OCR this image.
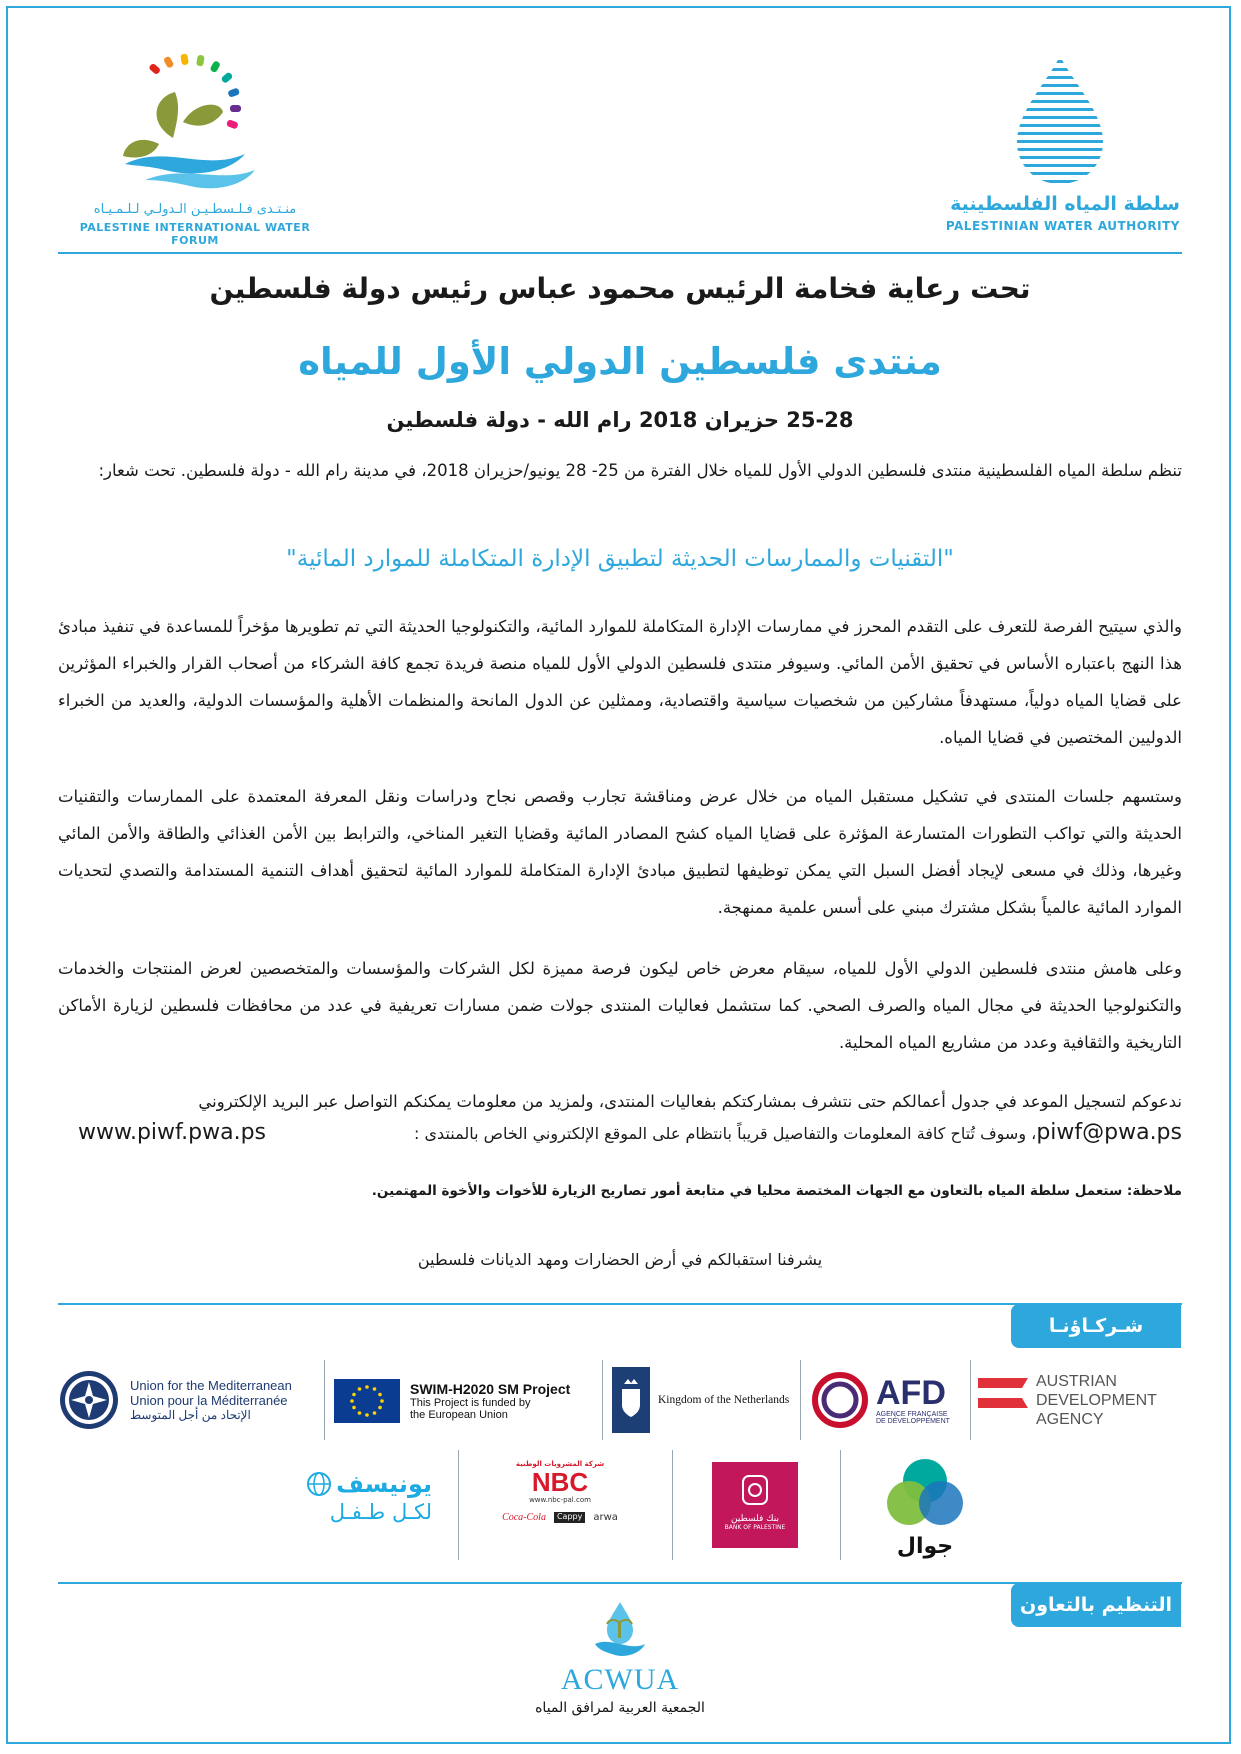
منـتـدى فـلـسطـيـن الـدولـي لـلـمـيـاه
PALESTINE INTERNATIONAL WATER FORUM
سلطة المياه الفلسطينية
PALESTINIAN WATER AUTHORITY
تحت رعاية فخامة الرئيس محمود عباس رئيس دولة فلسطين
منتدى فلسطين الدولي الأول للمياه
25-28 حزيران 2018 رام الله - دولة فلسطين
تنظم سلطة المياه الفلسطينية منتدى فلسطين الدولي الأول للمياه خلال الفترة من 25- 28 يونيو/حزيران 2018، في مدينة رام الله - دولة فلسطين. تحت شعار:
"التقنيات والممارسات الحديثة لتطبيق الإدارة المتكاملة للموارد المائية"
والذي سيتيح الفرصة للتعرف على التقدم المحرز في ممارسات الإدارة المتكاملة للموارد المائية، والتكنولوجيا الحديثة التي تم تطويرها مؤخراً للمساعدة في تنفيذ مبادئ هذا النهج باعتباره الأساس في تحقيق الأمن المائي. وسيوفر منتدى فلسطين الدولي الأول للمياه منصة فريدة تجمع كافة الشركاء من أصحاب القرار والخبراء المؤثرين على قضايا المياه دولياً، مستهدفاً مشاركين من شخصيات سياسية واقتصادية، وممثلين عن الدول المانحة والمنظمات الأهلية والمؤسسات الدولية، والعديد من الخبراء الدوليين المختصين في قضايا المياه.
وستسهم جلسات المنتدى في تشكيل مستقبل المياه من خلال عرض ومناقشة تجارب وقصص نجاح ودراسات ونقل المعرفة المعتمدة على الممارسات والتقنيات الحديثة والتي تواكب التطورات المتسارعة المؤثرة على قضايا المياه كشح المصادر المائية وقضايا التغير المناخي، والترابط بين الأمن الغذائي والطاقة والأمن المائي وغيرها، وذلك في مسعى لإيجاد أفضل السبل التي يمكن توظيفها لتطبيق مبادئ الإدارة المتكاملة للموارد المائية لتحقيق أهداف التنمية المستدامة والتصدي لتحديات الموارد المائية عالمياً بشكل مشترك مبني على أسس علمية ممنهجة.
وعلى هامش منتدى فلسطين الدولي الأول للمياه، سيقام معرض خاص ليكون فرصة مميزة لكل الشركات والمؤسسات والمتخصصين لعرض المنتجات والخدمات والتكنولوجيا الحديثة في مجال المياه والصرف الصحي. كما ستشمل فعاليات المنتدى جولات ضمن مسارات تعريفية في عدد من محافظات فلسطين لزيارة الأماكن التاريخية والثقافية وعدد من مشاريع المياه المحلية.
ندعوكم لتسجيل الموعد في جدول أعمالكم حتى نتشرف بمشاركتكم بفعاليات المنتدى، ولمزيد من معلومات يمكنكم التواصل عبر البريد الإلكتروني
piwf@pwa.ps، وسوف تُتاح كافة المعلومات والتفاصيل قريباً بانتظام على الموقع الإلكتروني الخاص بالمنتدى :
www.piwf.pwa.ps
ملاحظة: ستعمل سلطة المياه بالتعاون مع الجهات المختصة محليا في متابعة أمور تصاريح الزيارة للأخوات والأخوة المهتمين.
يشرفنا استقبالكم في أرض الحضارات ومهد الديانات فلسطين
شـركـاؤنـا
Union for the Mediterranean
Union pour la Méditerranée
الإتحاد من أجل المتوسط
SWIM-H2020 SM Project
This Project is funded by
the European Union
Kingdom of the Netherlands	AFD
AGENCE FRANÇAISE
DE DÉVELOPPEMENT
AUSTRIAN
DEVELOPMENT
AGENCY
يونيسف
لكـل طـفـل
شركة المشروبات الوطنية
NBC
www.nbc-pal.com
Coca-Cola	Cappy	arwa	بنك فلسطين
BANK OF PALESTINE
جوال
التنظيم بالتعاون
ACWUA
الجمعية العربية لمرافق المياه
